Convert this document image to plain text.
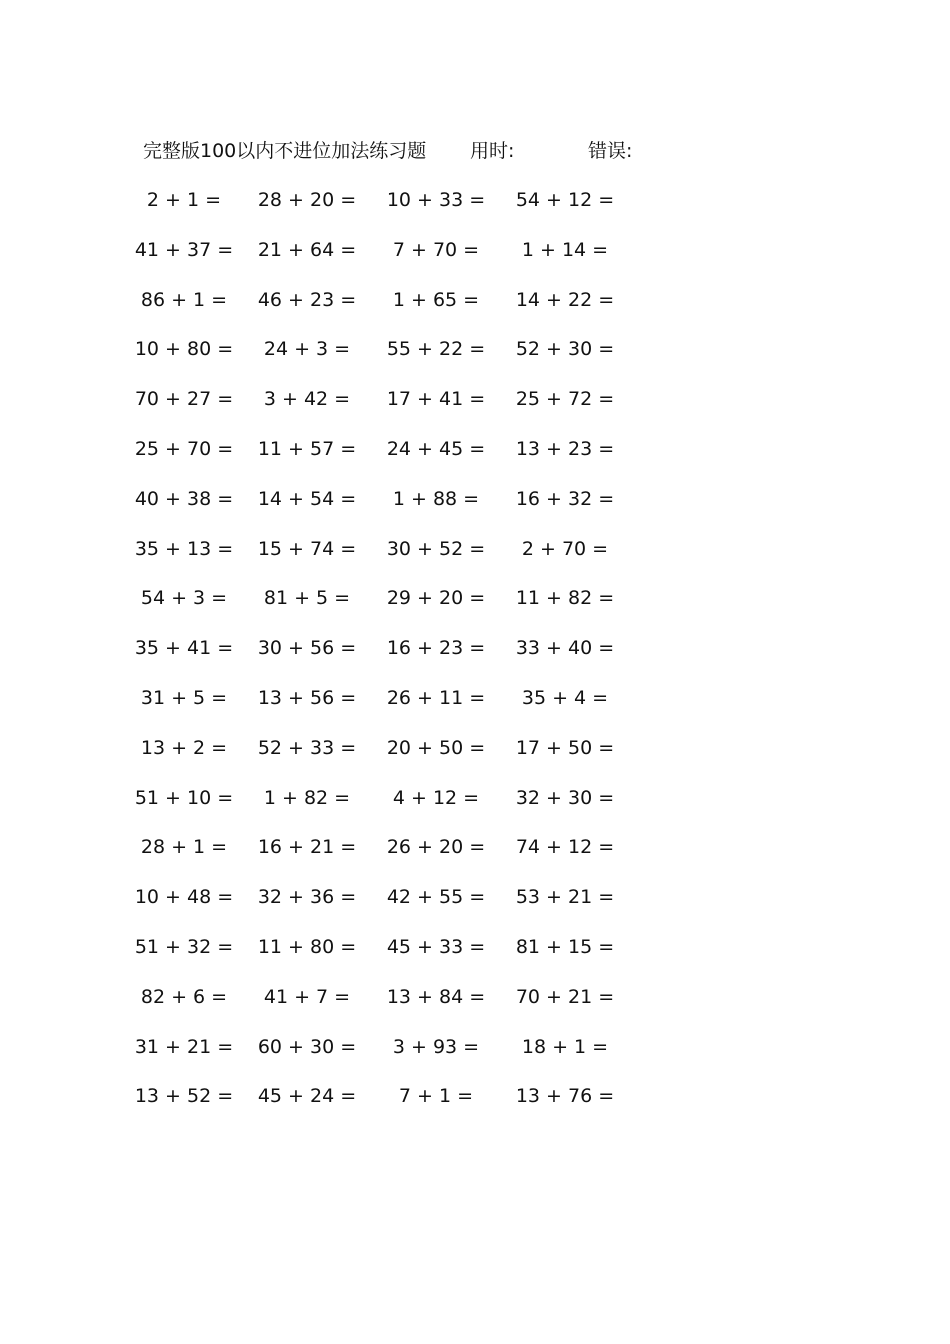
完整版100以内不进位加法练习题 用时:	错误:
2 + 1 =	28 + 20 =	10 + 33 =	54 + 12 =
41 + 37 =	21 + 64 =	7 + 70 =	1 + 14 =
86 + 1 =	46 + 23 =	1 + 65 =	14 + 22 =
10 + 80 =	24 + 3 =	55 + 22 =	52 + 30 =
70 + 27 =	3 + 42 =	17 + 41 =	25 + 72 =
25 + 70 =	11 + 57 =	24 + 45 =	13 + 23 =
40 + 38 =	14 + 54 =	1 + 88 =	16 + 32 =
35 + 13 =	15 + 74 =	30 + 52 =	2 + 70 =
54 + 3 =	81 + 5 =	29 + 20 =	11 + 82 =
35 + 41 =	30 + 56 =	16 + 23 =	33 + 40 =
31 + 5 =	13 + 56 =	26 + 11 =	35 + 4 =
13 + 2 =	52 + 33 =	20 + 50 =	17 + 50 =
51 + 10 =	1 + 82 =	4 + 12 =	32 + 30 =
28 + 1 =	16 + 21 =	26 + 20 =	74 + 12 =
10 + 48 =	32 + 36 =	42 + 55 =	53 + 21 =
51 + 32 =	11 + 80 =	45 + 33 =	81 + 15 =
82 + 6 =	41 + 7 =	13 + 84 =	70 + 21 =
31 + 21 =	60 + 30 =	3 + 93 =	18 + 1 =
13 + 52 =	45 + 24 =	7 + 1 =	13 + 76 =
